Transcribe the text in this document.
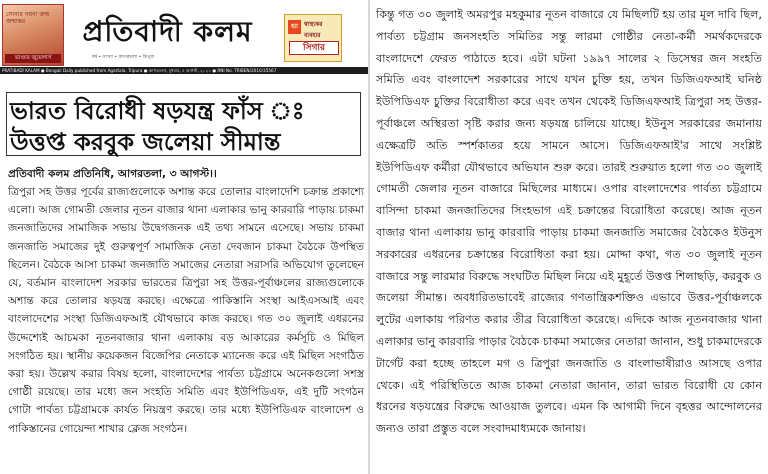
সোনার গয়না জন্ম জন্মান্তর
ভাণ্ডার জুয়েলার্স
প্রতিবাদী কলম
বর্ষ • সংখ্যা • আগরতলা • ত্রিপুরা
হ্যা	স্বাস্থ্যকর ব্যবহার
সিগার
PRATIBADI KALAM ● Bengali Daily published from Agartala, Tripura ● আগরতলা, বুধবার, ৪ আগস্ট, ২০২১ ● RNI No. TRIBEN/2010/35567

ভারত বিরোধী ষড়যন্ত্র ফাঁস ঃ

উত্তপ্ত করবুক জলেয়া সীমান্ত

প্রতিবাদী কলম প্রতিনিধি, আগরতলা, ৩ আগস্ট।।
ত্রিপুরা সহ উত্তর পূর্বের রাজ্যগুলোকে অশান্ত করে তোলার বাংলাদেশি চক্রান্ত প্রকাশ্যে এলো। আজ গোমতী জেলার নূতন বাজার থানা এলাকার ভানু কারবারি পাড়ায় চাকমা জনজাতিদের সামাজিক সভায় উদ্বেগজনক এই তথ্য সামনে এসেছে। সভায় চাকমা জনজাতি সমাজের দুই গুরুত্বপূর্ণ সামাজিক নেতা দেবজান চাকমা বৈঠকে উপস্থিত ছিলেন। বৈঠকে আসা চাকমা জনজাতি সমাজের নেতারা সরাসরি অভিযোগ তুলেছেন যে, বর্তমান বাংলাদেশ সরকার ভারতের ত্রিপুরা সহ উত্তর-পূর্বাঞ্চলের রাজ্যগুলোকে অশান্ত করে তোলার ষড়যন্ত্র করছে। এক্ষেত্রে পাকিস্তানি সংস্থা আইএসআই এবং বাংলাদেশের সংস্থা ডিজিএফআই যৌথভাবে কাজ করছে। গত ৩০ জুলাই এধরনের উদ্দেশ্যেই আচমকা নূতনবাজার থানা এলাকায় বড় আকারের কর্মসূচি ও মিছিল সংগঠিত হয়। স্থানীয় কয়েকজন বিজেপির নেতাকে ম্যানেজ করে এই মিছিল সংগঠিত করা হয়। উল্লেখ করার বিষয় হলো, বাংলাদেশের পার্বত্য চট্টগ্রামে অনেকগুলো সশস্ত্র গোষ্ঠী রয়েছে। তার মধ্যে জন সংহতি সমিতি এবং ইউপিডিএফ, এই দুটি সংগঠন গোটা পার্বত্য চট্টগ্রামকে কার্যত নিয়ন্ত্রণ করছে। তার মধ্যে ইউপিডিএফ বাংলাদেশ ও পাকিস্তানের গোয়েন্দা শাখার ক্লেজ সংগঠন।
কিন্তু গত ৩০ জুলাই অমরপুর মহকুমার নূতন বাজারে যে মিছিলটি হয় তার মূল দাবি ছিল, পার্বত্য চট্টগ্রাম জনসংহতি সমিতির সন্তু লারমা গোষ্ঠীর নেতা-কর্মী সমর্থকদেরকে বাংলাদেশে ফেরত পাঠাতে হবে। এটা ঘটনা ১৯৯৭ সালের ২ ডিসেম্বর জন সংহতি সমিতি এবং বাংলাদেশ সরকারের সাথে যখন চুক্তি হয়, তখন ডিজিএফআই ঘনিষ্ঠ ইউপিডিএফ চুক্তির বিরোধীতা করে এবং তখন থেকেই ডিজিএফআই ত্রিপুরা সহ উত্তর-পূর্বাঞ্চলে অস্থিরতা সৃষ্টি করার জন্য ষড়যন্ত্র চালিয়ে যাচ্ছে। ইউনুস সরকারের জমানায় এক্ষেত্রটি অতি স্পর্শকাতর হয়ে সামনে আসে। ডিজিএফআই'র সাথে সংশ্লিষ্ট ইউপিডিএফ কর্মীরা যৌথভাবে অভিযান শুরু করে। তারই শুরুয়াত হলো গত ৩০ জুলাই গোমতী জেলার নূতন বাজারে মিছিলের মাধ্যমে। ওপার বাংলাদেশের পার্বত্য চট্টগ্রামে বাসিন্দা চাকমা জনজাতিদের সিংহভাগ এই চক্রান্তের বিরোধিতা করেছে। আজ নূতন বাজার থানা এলাকায় ভানু কারবারি পাড়ায় চাকমা জনজাতি সমাজের বৈঠকেও ইউনুস সরকারের এধরনের চক্রান্তের বিরোধিতা করা হয়। মোদ্দা কথা, গত ৩০ জুলাই নূতন বাজারে সন্তু লারমার বিরুদ্ধে সংঘটিত মিছিল নিয়ে এই মুহূর্তে উত্তপ্ত শিলাছড়ি, করবুক ও জলেয়া সীমান্ত। অবধারিতভাবেই রাজ্যের গণতান্ত্রিকশক্তিও এভাবে উত্তর-পূর্বাঞ্চলকে লুটের এলাকায় পরিণত করার তীব্র বিরোধিতা করেছে। এদিকে আজ নূতনবাজার থানা এলাকার ভানু কারবারি পাড়ার বৈঠকে চাকমা সমাজের নেতারা জানান, শুধু চাকমাদেরকে টার্গেট করা হচ্ছে তাহলে মগ ও ত্রিপুরা জনজাতি ও বাংলাভাষীরাও আসছে ওপার থেকে। এই পরিস্থিতিতে আজ চাকমা নেতারা জানান, তারা ভারত বিরোধী যে কোন ধরনের ষড়যন্ত্রের বিরুদ্ধে আওয়াজ তুলবে। এমন কি আগামী দিনে বৃহত্তর আন্দোলনের জন্যও তারা প্রস্তুত বলে সংবাদমাধ্যমকে জানায়।
